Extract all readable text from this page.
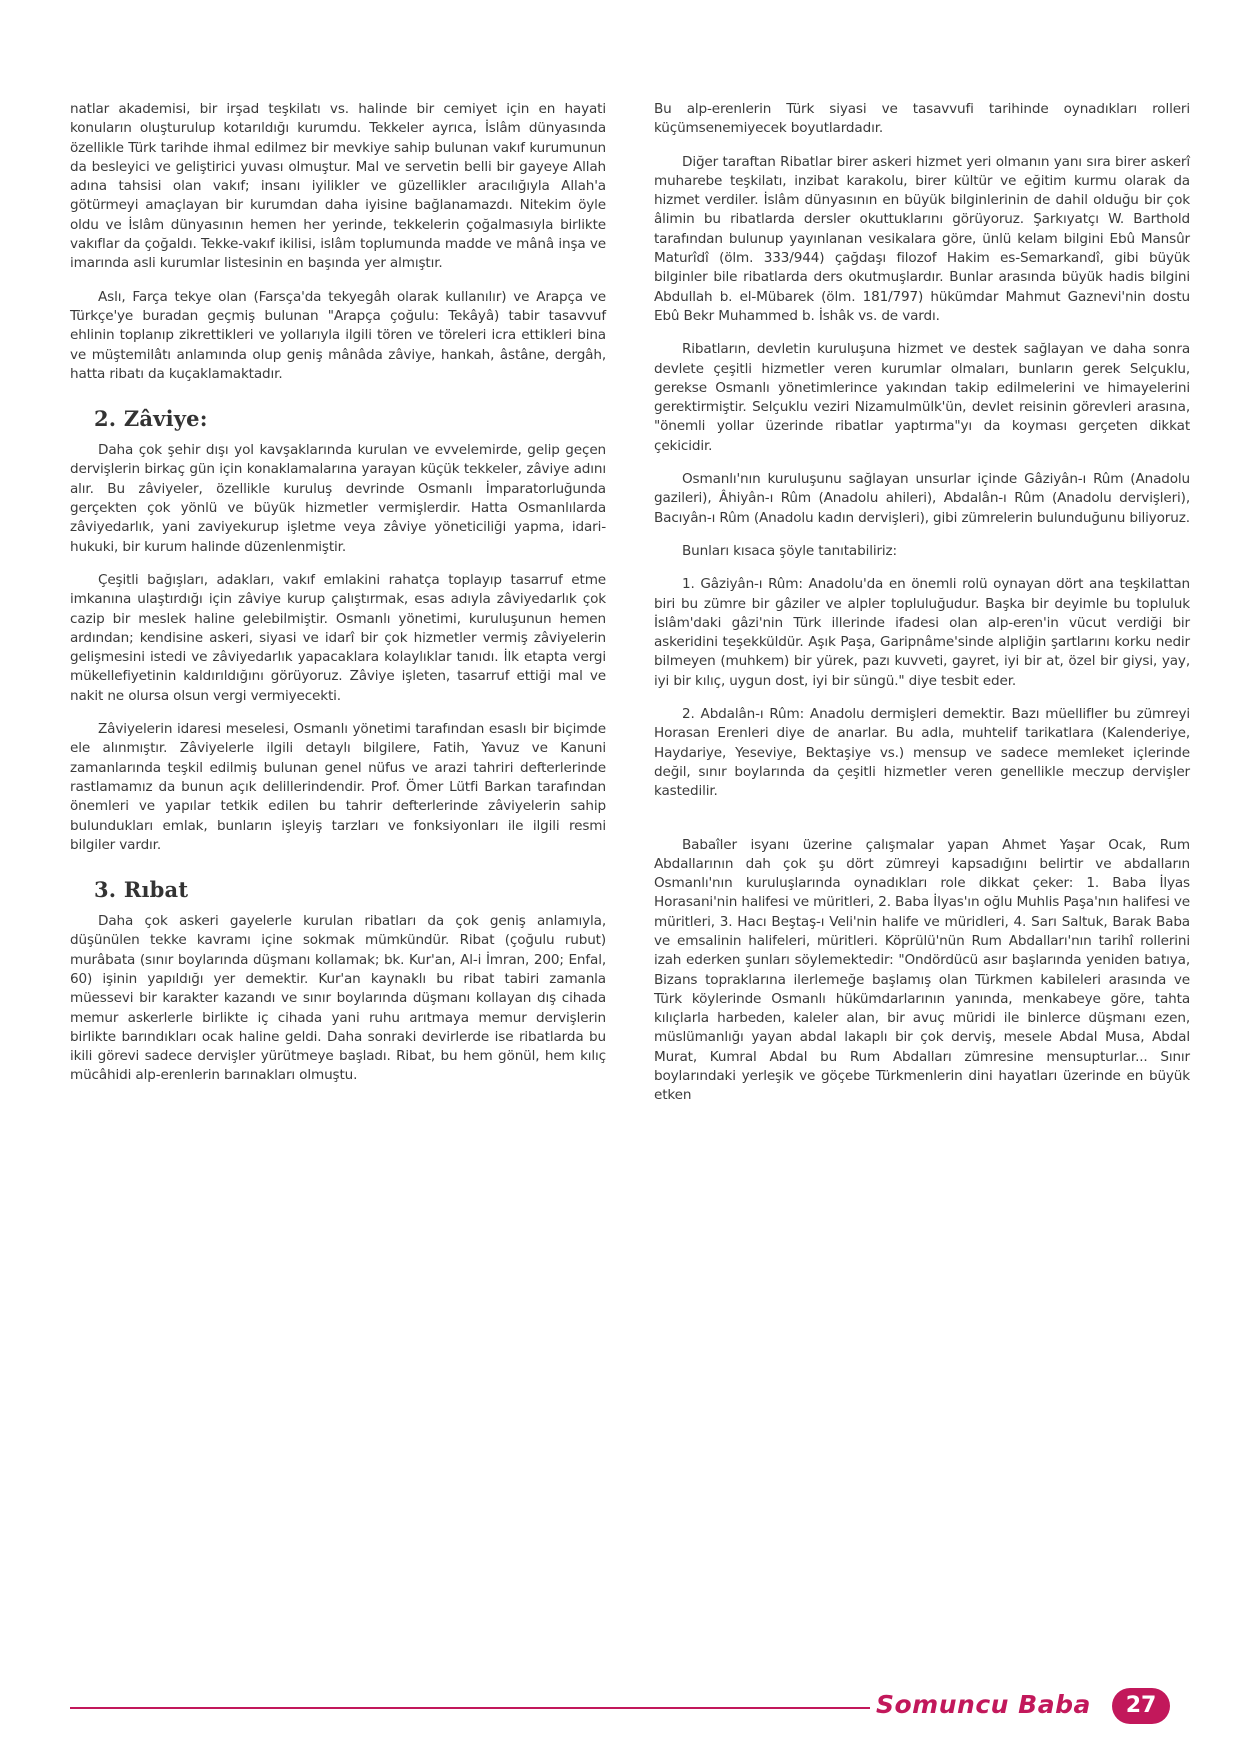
natlar akademisi, bir irşad teşkilatı vs. halinde bir cemiyet için en hayati konuların oluşturulup kotarıldığı kurumdu. Tekkeler ayrıca, İslâm dünyasında özellikle Türk tarihde ihmal edilmez bir mevkiye sahip bulunan vakıf kurumunun da besleyici ve geliştirici yuvası olmuştur. Mal ve servetin belli bir gayeye Allah adına tahsisi olan vakıf; insanı iyilikler ve güzellikler aracılığıyla Allah'a götürmeyi amaçlayan bir kurumdan daha iyisine bağlanamazdı. Nitekim öyle oldu ve İslâm dünyasının hemen her yerinde, tekkelerin çoğalmasıyla birlikte vakıflar da çoğaldı. Tekke-vakıf ikilisi, islâm toplumunda madde ve mânâ inşa ve imarında asli kurumlar listesinin en başında yer almıştır.

Aslı, Farça tekye olan (Farsça'da tekyegâh olarak kullanılır) ve Arapça ve Türkçe'ye buradan geçmiş bulunan "Arapça çoğulu: Tekâyâ) tabir tasavvuf ehlinin toplanıp zikrettikleri ve yollarıyla ilgili tören ve töreleri icra ettikleri bina ve müştemilâtı anlamında olup geniş mânâda zâviye, hankah, âstâne, dergâh, hatta ribatı da kuçaklamaktadır.

2. Zâviye:

Daha çok şehir dışı yol kavşaklarında kurulan ve evvelemirde, gelip geçen dervişlerin birkaç gün için konaklamalarına yarayan küçük tekkeler, zâviye adını alır. Bu zâviyeler, özellikle kuruluş devrinde Osmanlı İmparatorluğunda gerçekten çok yönlü ve büyük hizmetler vermişlerdir. Hatta Osmanlılarda zâviyedarlık, yani zaviyekurup işletme veya zâviye yöneticiliği yapma, idari-hukuki, bir kurum halinde düzenlenmiştir.

Çeşitli bağışları, adakları, vakıf emlakini rahatça toplayıp tasarruf etme imkanına ulaştırdığı için zâviye kurup çalıştırmak, esas adıyla zâviyedarlık çok cazip bir meslek haline gelebilmiştir. Osmanlı yönetimi, kuruluşunun hemen ardından; kendisine askeri, siyasi ve idarî bir çok hizmetler vermiş zâviyelerin gelişmesini istedi ve zâviyedarlık yapacaklara kolaylıklar tanıdı. İlk etapta vergi mükellefiyetinin kaldırıldığını görüyoruz. Zâviye işleten, tasarruf ettiği mal ve nakit ne olursa olsun vergi vermiyecekti.

Zâviyelerin idaresi meselesi, Osmanlı yönetimi tarafından esaslı bir biçimde ele alınmıştır. Zâviyelerle ilgili detaylı bilgilere, Fatih, Yavuz ve Kanuni zamanlarında teşkil edilmiş bulunan genel nüfus ve arazi tahriri defterlerinde rastlamamız da bunun açık delillerindendir. Prof. Ömer Lütfi Barkan tarafından önemleri ve yapılar tetkik edilen bu tahrir defterlerinde zâviyelerin sahip bulundukları emlak, bunların işleyiş tarzları ve fonksiyonları ile ilgili resmi bilgiler vardır.

3. Rıbat

Daha çok askeri gayelerle kurulan ribatları da çok geniş anlamıyla, düşünülen tekke kavramı içine sokmak mümkündür. Ribat (çoğulu rubut) murâbata (sınır boylarında düşmanı kollamak; bk. Kur'an, Al-i İmran, 200; Enfal, 60) işinin yapıldığı yer demektir. Kur'an kaynaklı bu ribat tabiri zamanla müessevi bir karakter kazandı ve sınır boylarında düşmanı kollayan dış cihada memur askerlerle birlikte iç cihada yani ruhu arıtmaya memur dervişlerin birlikte barındıkları ocak haline geldi. Daha sonraki devirlerde ise ribatlarda bu ikili görevi sadece dervişler yürütmeye başladı. Ribat, bu hem gönül, hem kılıç mücâhidi alp-erenlerin barınakları olmuştu.

Bu alp-erenlerin Türk siyasi ve tasavvufi tarihinde oynadıkları rolleri küçümsenemiyecek boyutlardadır.

Diğer taraftan Ribatlar birer askeri hizmet yeri olmanın yanı sıra birer askerî muharebe teşkilatı, inzibat karakolu, birer kültür ve eğitim kurmu olarak da hizmet verdiler. İslâm dünyasının en büyük bilginlerinin de dahil olduğu bir çok âlimin bu ribatlarda dersler okuttuklarını görüyoruz. Şarkıyatçı W. Barthold tarafından bulunup yayınlanan vesikalara göre, ünlü kelam bilgini Ebû Mansûr Maturîdî (ölm. 333/944) çağdaşı filozof Hakim es-Semarkandî, gibi büyük bilginler bile ribatlarda ders okutmuşlardır. Bunlar arasında büyük hadis bilgini Abdullah b. el-Mübarek (ölm. 181/797) hükümdar Mahmut Gaznevi'nin dostu Ebû Bekr Muhammed b. İshâk vs. de vardı.

Ribatların, devletin kuruluşuna hizmet ve destek sağlayan ve daha sonra devlete çeşitli hizmetler veren kurumlar olmaları, bunların gerek Selçuklu, gerekse Osmanlı yönetimlerince yakından takip edilmelerini ve himayelerini gerektirmiştir. Selçuklu veziri Nizamulmülk'ün, devlet reisinin görevleri arasına, "önemli yollar üzerinde ribatlar yaptırma"yı da koyması gerçeten dikkat çekicidir.

Osmanlı'nın kuruluşunu sağlayan unsurlar içinde Gâziyân-ı Rûm (Anadolu gazileri), Âhiyân-ı Rûm (Anadolu ahileri), Abdalân-ı Rûm (Anadolu dervişleri), Bacıyân-ı Rûm (Anadolu kadın dervişleri), gibi zümrelerin bulunduğunu biliyoruz.

Bunları kısaca şöyle tanıtabiliriz:

1. Gâziyân-ı Rûm: Anadolu'da en önemli rolü oynayan dört ana teşkilattan biri bu zümre bir gâziler ve alpler topluluğudur. Başka bir deyimle bu topluluk İslâm'daki gâzi'nin Türk illerinde ifadesi olan alp-eren'in vücut verdiği bir askeridini teşekküldür. Aşık Paşa, Garipnâme'sinde alpliğin şartlarını korku nedir bilmeyen (muhkem) bir yürek, pazı kuvveti, gayret, iyi bir at, özel bir giysi, yay, iyi bir kılıç, uygun dost, iyi bir süngü." diye tesbit eder.

2. Abdalân-ı Rûm: Anadolu dermişleri demektir. Bazı müellifler bu zümreyi Horasan Erenleri diye de anarlar. Bu adla, muhtelif tarikatlara (Kalenderiye, Haydariye, Yeseviye, Bektaşiye vs.) mensup ve sadece memleket içlerinde değil, sınır boylarında da çeşitli hizmetler veren genellikle meczup dervişler kastedilir.

Babaîler isyanı üzerine çalışmalar yapan Ahmet Yaşar Ocak, Rum Abdallarının dah çok şu dört zümreyi kapsadığını belirtir ve abdalların Osmanlı'nın kuruluşlarında oynadıkları role dikkat çeker: 1. Baba İlyas Horasani'nin halifesi ve müritleri, 2. Baba İlyas'ın oğlu Muhlis Paşa'nın halifesi ve müritleri, 3. Hacı Beştaş-ı Veli'nin halife ve müridleri, 4. Sarı Saltuk, Barak Baba ve emsalinin halifeleri, müritleri. Köprülü'nün Rum Abdalları'nın tarihî rollerini izah ederken şunları söylemektedir: "Ondördücü asır başlarında yeniden batıya, Bizans topraklarına ilerlemeğe başlamış olan Türkmen kabileleri arasında ve Türk köylerinde Osmanlı hükümdarlarının yanında, menkabeye göre, tahta kılıçlarla harbeden, kaleler alan, bir avuç müridi ile binlerce düşmanı ezen, müslümanlığı yayan abdal lakaplı bir çok derviş, mesele Abdal Musa, Abdal Murat, Kumral Abdal bu Rum Abdalları zümresine mensupturlar... Sınır boylarındaki yerleşik ve göçebe Türkmenlerin dini hayatları üzerinde en büyük etken

Somuncu Baba	27
